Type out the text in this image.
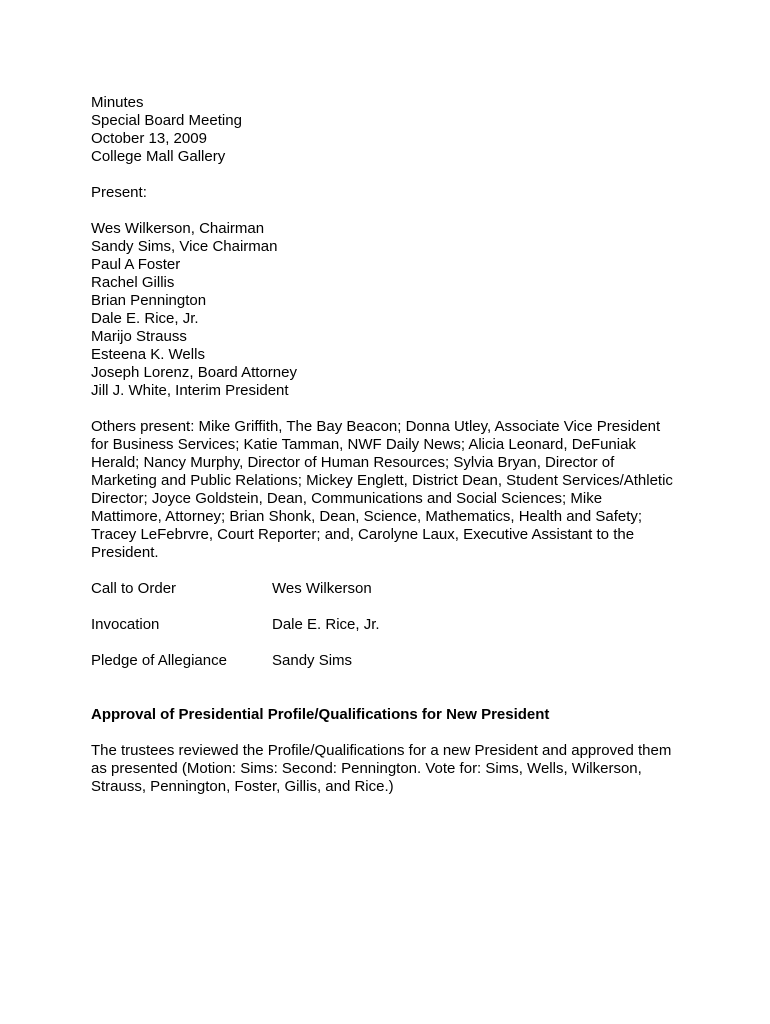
Minutes
Special Board Meeting
October 13, 2009
College Mall Gallery
Present:
Wes Wilkerson, Chairman
Sandy Sims, Vice Chairman
Paul A Foster
Rachel Gillis
Brian Pennington
Dale E. Rice, Jr.
Marijo Strauss
Esteena K. Wells
Joseph Lorenz, Board Attorney
Jill J. White, Interim President
Others present: Mike Griffith, The Bay Beacon; Donna Utley, Associate Vice President
for Business Services; Katie Tamman, NWF Daily News; Alicia Leonard, DeFuniak
Herald; Nancy Murphy, Director of Human Resources; Sylvia Bryan, Director of
Marketing and Public Relations; Mickey Englett, District Dean, Student Services/Athletic
Director; Joyce Goldstein, Dean, Communications and Social Sciences; Mike
Mattimore, Attorney; Brian Shonk, Dean, Science, Mathematics, Health and Safety;
Tracey LeFebrvre, Court Reporter; and, Carolyne Laux, Executive Assistant to the
President.
Call to Order	Wes Wilkerson
Invocation	Dale E. Rice, Jr.
Pledge of Allegiance	Sandy Sims
Approval of Presidential Profile/Qualifications for New President
The trustees reviewed the Profile/Qualifications for a new President and approved them
as presented (Motion: Sims: Second: Pennington. Vote for: Sims, Wells, Wilkerson,
Strauss, Pennington, Foster, Gillis, and Rice.)
